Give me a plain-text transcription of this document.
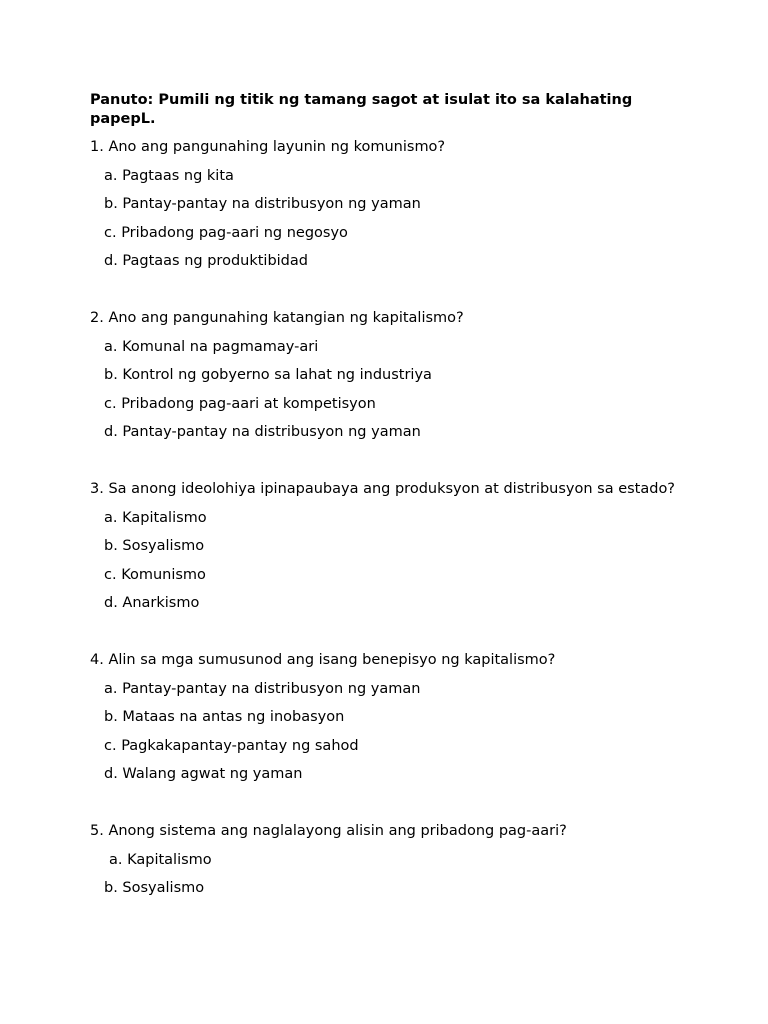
Panuto: Pumili ng titik ng tamang sagot at isulat ito sa kalahating papepL.

1. Ano ang pangunahing layunin ng komunismo?

a. Pagtaas ng kita
b. Pantay-pantay na distribusyon ng yaman
c. Pribadong pag-aari ng negosyo
d. Pagtaas ng produktibidad

2. Ano ang pangunahing katangian ng kapitalismo?

a. Komunal na pagmamay-ari
b. Kontrol ng gobyerno sa lahat ng industriya
c. Pribadong pag-aari at kompetisyon
d. Pantay-pantay na distribusyon ng yaman

3. Sa anong ideolohiya ipinapaubaya ang produksyon at distribusyon sa estado?

a. Kapitalismo
b. Sosyalismo
c. Komunismo
d. Anarkismo

4. Alin sa mga sumusunod ang isang benepisyo ng kapitalismo?

a. Pantay-pantay na distribusyon ng yaman
b. Mataas na antas ng inobasyon
c. Pagkakapantay-pantay ng sahod
d. Walang agwat ng yaman

5. Anong sistema ang naglalayong alisin ang pribadong pag-aari?

a. Kapitalismo
b. Sosyalismo
